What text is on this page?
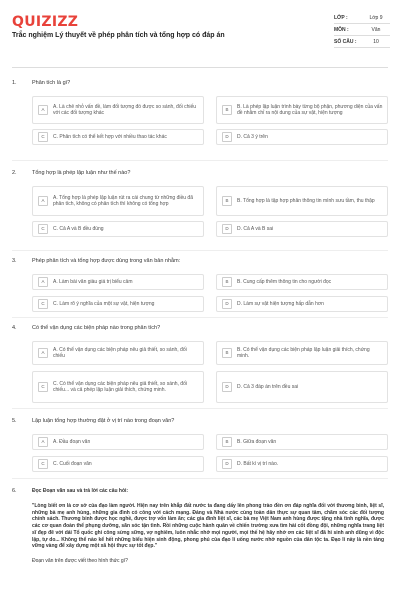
QUIZIZZ
Trắc nghiệm Lý thuyết về phép phân tích và tổng hợp có đáp án
LỚP :	Lớp 9
MÔN :	Văn
SỐ CÂU :	10
1.	Phân tích là gì?
A	A. Là chẻ nhỏ vấn đề, làm đối tượng đó được so sánh, đối chiếu với các đối tượng khác
B	B. Là phép lập luận trình bày từng bộ phận, phương diện của vấn đề nhằm chỉ ra nội dung của sự vật, hiện tượng
C	C. Phân tích có thể kết hợp với nhiều thao tác khác	D	D. Cả 3 ý trên
2.	Tổng hợp là phép lập luận như thế nào?
A	A. Tổng hợp là phép lập luận rút ra cái chung từ những điều đã phân tích, không có phân tích thì không có tổng hợp
B	B. Tổng hợp là tập hợp phân thông tin mình sưu tầm, thu thập
C	C. Cả A và B đều đúng	D	D. Cả A và B sai
3.	Phép phân tích và tổng hợp được dùng trong văn bản nhằm:
A	A. Làm bài văn giàu giá trị biểu cảm	B	B. Cung cấp thêm thông tin cho người đọc
C	C. Làm rõ ý nghĩa của một sự vật, hiện tượng	D	D. Làm sự vật hiện tượng hấp dẫn hơn
4.	Có thể vận dụng các biện pháp nào trong phân tích?
A	A. Có thể vận dụng các biện pháp nêu giả thiết, so sánh, đối chiếu
B	B. Có thể vận dụng các biện pháp lập luận giải thích, chứng minh.
C	C. Có thể vận dụng các biện pháp nêu giả thiết, so sánh, đối chiếu... và cả phép lập luận giải thích, chứng minh.
D	D. Cả 3 đáp án trên đều sai
5.	Lập luận tổng hợp thường đặt ở vị trí nào trong đoạn văn?
A	A. Đầu đoạn văn	B	B. Giữa đoạn văn
C	C. Cuối đoạn văn	D	D. Bất kì vị trí nào.
6.	Đọc Đoạn văn sau và trả lời các câu hỏi:
"Lòng biết ơn là cơ sở của đạo làm người. Hiện nay trên khắp đất nước ta đang dấy lên phong trào đền ơn đáp nghĩa đối với thương binh, liệt sĩ, những bà mẹ anh hùng, những gia đình có công với cách mạng. Đảng và Nhà nước cùng toàn dân thực sự quan tâm, chăm sóc các đối tượng chính sách. Thương binh được học nghề, được trợ vốn làm ăn; các gia đình liệt sĩ, các bà mẹ Việt Nam anh hùng được tặng nhà tình nghĩa, được các cơ quan đoàn thể phụng dưỡng, săn sóc tận tình. Rồi những cuộc hành quân về chiến trường xưa tìm hài cốt đồng đội, những nghĩa trang liệt sĩ đẹp đẽ với dải Tổ quốc ghi công sừng sững, vợ nghiêm, luôn nhắc nhở mọi người, mọi thế hệ hãy nhớ ơn các liệt sĩ đã hi sinh anh dũng vì độc lập, tự do... Không thể nào kể hết những biểu hiện sinh động, phong phú của đạo lí uống nước nhớ nguồn của dân tộc ta. Đạo lí này là nền tảng vững vàng để xây dựng một xã hội thực sự tốt đẹp."
Đoạn văn trên được viết theo hình thức gì?
